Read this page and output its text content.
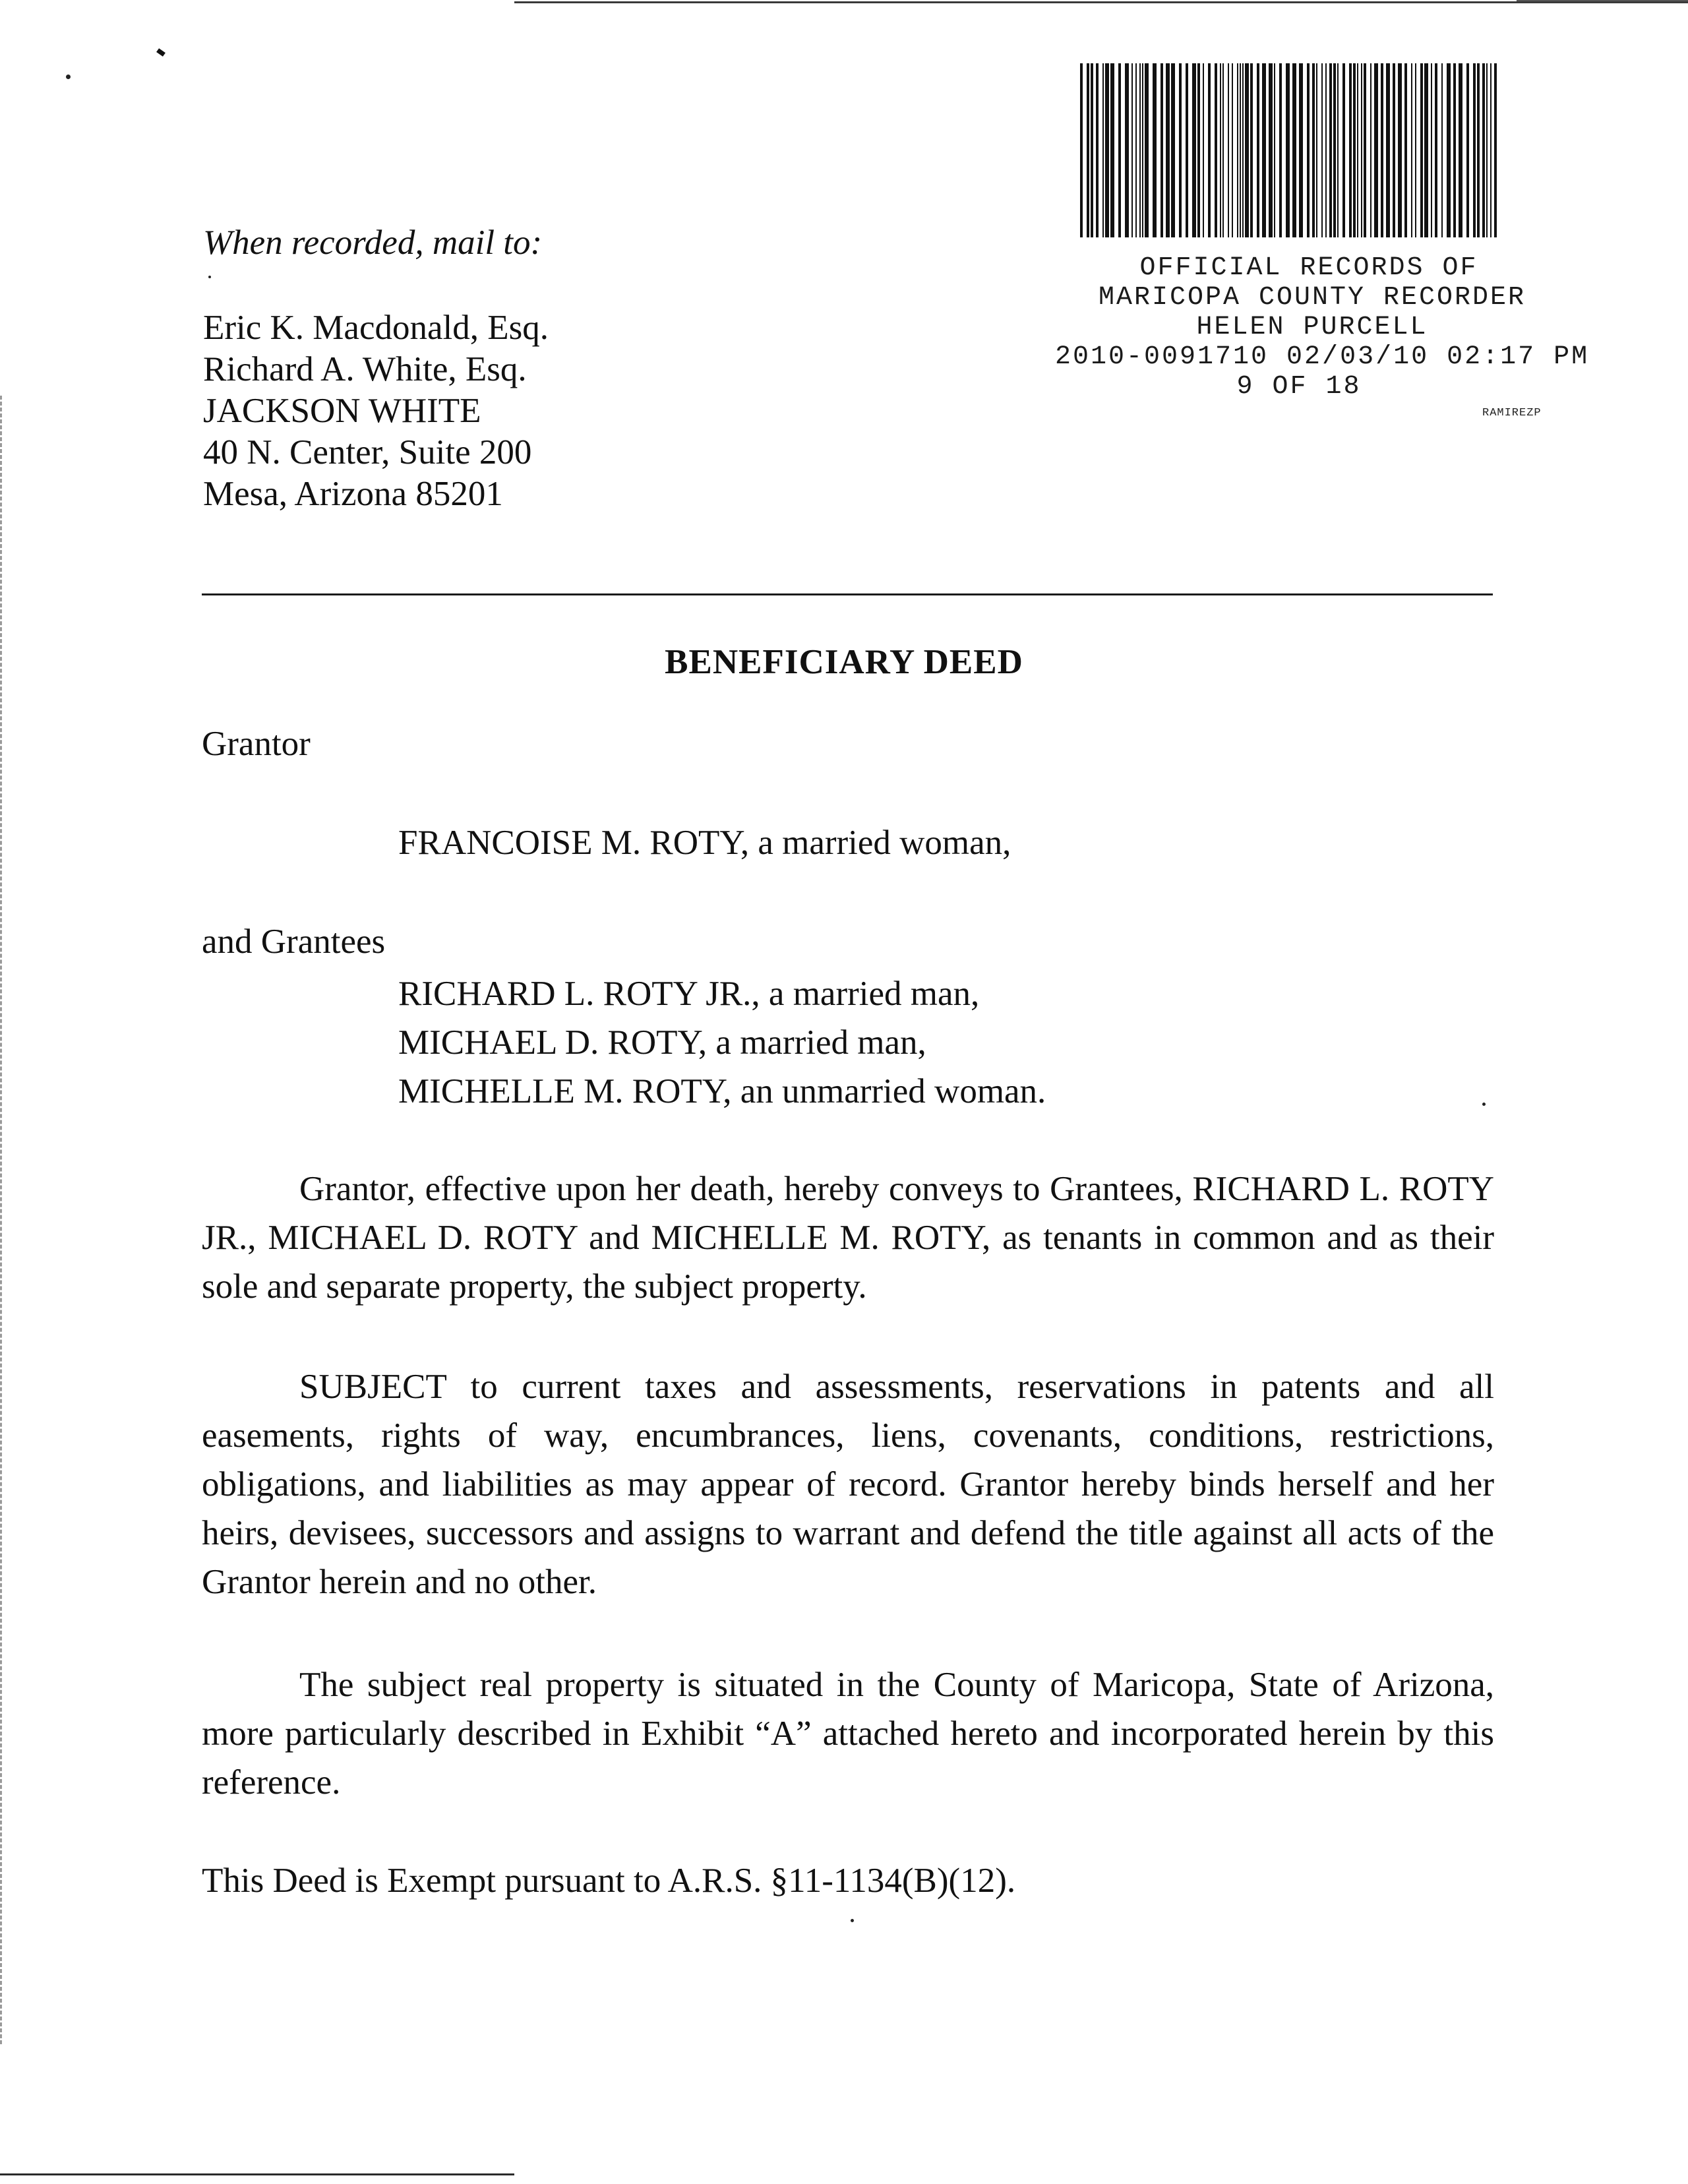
When recorded, mail to:
Eric K. Macdonald, Esq.
Richard A. White, Esq.
JACKSON WHITE
40 N. Center, Suite 200
Mesa, Arizona 85201
OFFICIAL RECORDS OF
MARICOPA COUNTY RECORDER
HELEN PURCELL
2010-0091710 02/03/10 02:17 PM
9 OF 18
RAMIREZP
BENEFICIARY DEED
Grantor
FRANCOISE M. ROTY, a married woman,
and Grantees
RICHARD L. ROTY JR., a married man,
MICHAEL D. ROTY, a married man,
MICHELLE M. ROTY, an unmarried woman.

Grantor, effective upon her death, hereby conveys to Grantees, RICHARD L. ROTY JR., MICHAEL D. ROTY and MICHELLE M. ROTY, as tenants in common and as their sole and separate property, the subject property.

SUBJECT to current taxes and assessments, reservations in patents and all easements, rights of way, encumbrances, liens, covenants, conditions, restrictions, obligations, and liabilities as may appear of record. Grantor hereby binds herself and her heirs, devisees, successors and assigns to warrant and defend the title against all acts of the Grantor herein and no other.

The subject real property is situated in the County of Maricopa, State of Arizona, more particularly described in Exhibit “A” attached hereto and incorporated herein by this reference.

This Deed is Exempt pursuant to A.R.S. §11-1134(B)(12).
